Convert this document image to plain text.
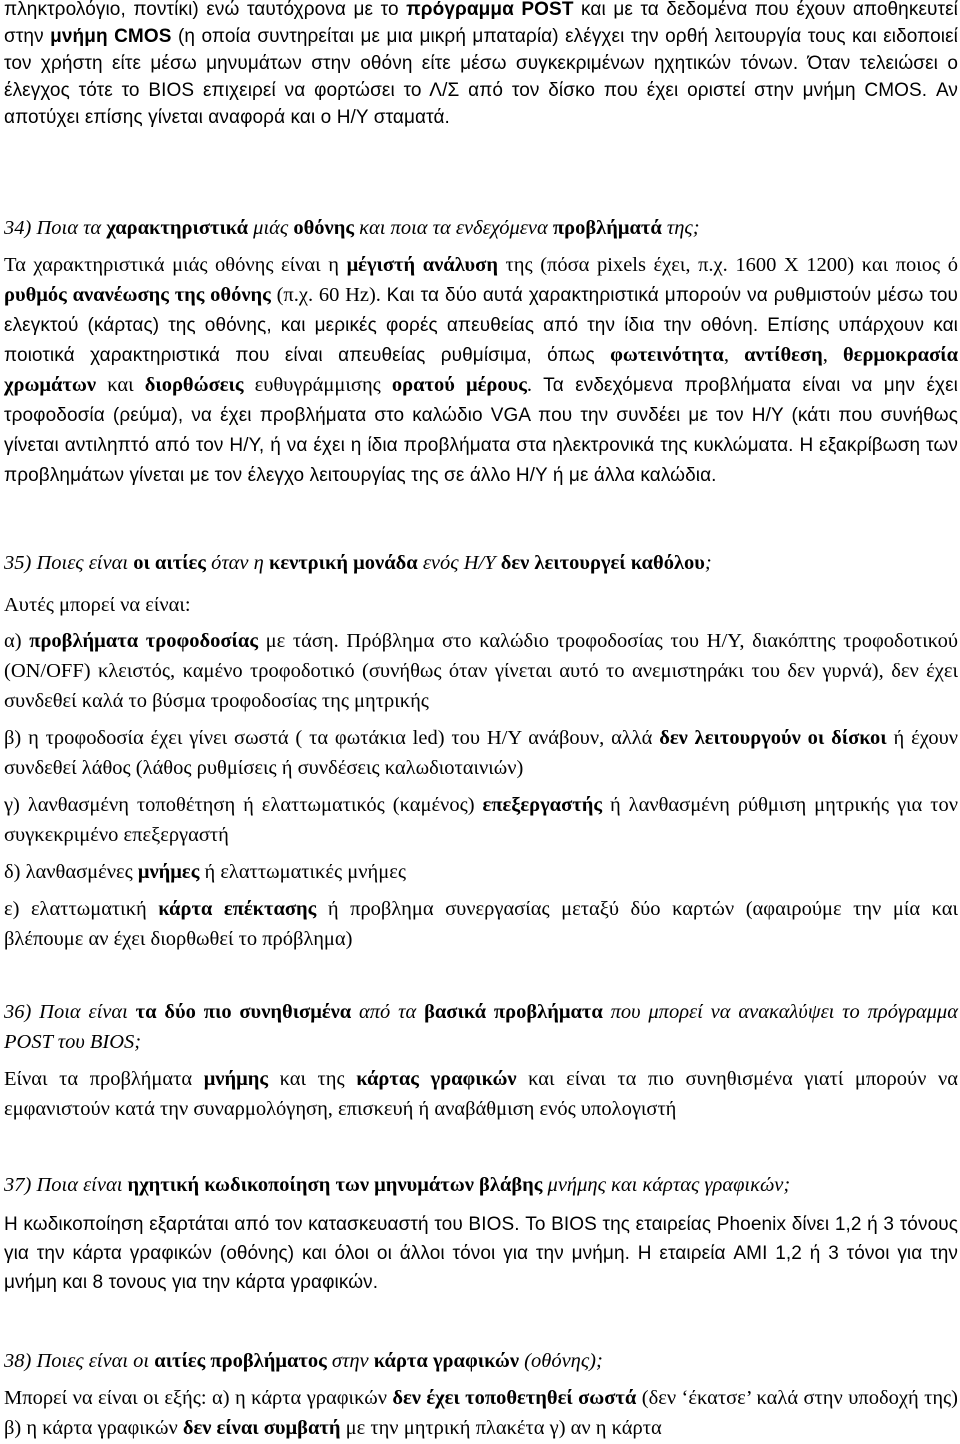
πληκτρολόγιο, ποντίκι) ενώ ταυτόχρονα με το πρόγραμμα POST και με τα δεδομένα που έχουν αποθηκευτεί στην μνήμη CMOS (η οποία συντηρείται με μια μικρή μπαταρία) ελέγχει την ορθή λειτουργία τους και ειδοποιεί τον χρήστη είτε μέσω μηνυμάτων στην οθόνη είτε μέσω συγκεκριμένων ηχητικών τόνων. Όταν τελειώσει ο έλεγχος τότε το BIOS επιχειρεί να φορτώσει το Λ/Σ από τον δίσκο που έχει οριστεί στην μνήμη CMOS. Αν αποτύχει επίσης γίνεται αναφορά και ο Η/Υ σταματά.

34) Ποια τα χαρακτηριστικά μιάς οθόνης και ποια τα ενδεχόμενα προβλήματά της;

Τα χαρακτηριστικά μιάς οθόνης είναι η μέγιστή ανάλυση της (πόσα pixels έχει, π.χ. 1600 X 1200) και ποιος ό ρυθμός ανανέωσης της οθόνης (π.χ. 60 Hz). Και τα δύο αυτά χαρακτηριστικά μπορούν να ρυθμιστούν μέσω του ελεγκτού (κάρτας) της οθόνης, και μερικές φορές απευθείας από την ίδια την οθόνη. Επίσης υπάρχουν και ποιοτικά χαρακτηριστικά που είναι απευθείας ρυθμίσιμα, όπως φωτεινότητα, αντίθεση, θερμοκρασία χρωμάτων και διορθώσεις ευθυγράμμισης ορατού μέρους. Τα ενδεχόμενα προβλήματα είναι να μην έχει τροφοδοσία (ρεύμα), να έχει προβλήματα στο καλώδιο VGA που την συνδέει με τον Η/Υ (κάτι που συνήθως γίνεται αντιληπτό από τον Η/Υ, ή να έχει η ίδια προβλήματα στα ηλεκτρονικά της κυκλώματα. Η εξακρίβωση των προβλημάτων γίνεται με τον έλεγχο λειτουργίας της σε άλλο Η/Υ ή με άλλα καλώδια.

35) Ποιες είναι οι αιτίες όταν η κεντρική μονάδα ενός Η/Υ δεν λειτουργεί καθόλου;

Αυτές μπορεί να είναι:

α) προβλήματα τροφοδοσίας με τάση. Πρόβλημα στο καλώδιο τροφοδοσίας του Η/Υ, διακόπτης τροφοδοτικού (ON/OFF) κλειστός, καμένο τροφοδοτικό (συνήθως όταν γίνεται αυτό το ανεμιστηράκι του δεν γυρνά), δεν έχει συνδεθεί καλά το βύσμα τροφοδοσίας της μητρικής

β) η τροφοδοσία έχει γίνει σωστά ( τα φωτάκια led) του Η/Υ ανάβουν, αλλά δεν λειτουργούν οι δίσκοι ή έχουν συνδεθεί λάθος (λάθος ρυθμίσεις ή συνδέσεις καλωδιοταινιών)

γ) λανθασμένη τοποθέτηση ή ελαττωματικός (καμένος) επεξεργαστής ή λανθασμένη ρύθμιση μητρικής για τον συγκεκριμένο επεξεργαστή

δ) λανθασμένες μνήμες ή ελαττωματικές μνήμες

ε) ελαττωματική κάρτα επέκτασης ή προβλημα συνεργασίας μεταξύ δύο καρτών (αφαιρούμε την μία και βλέπουμε αν έχει διορθωθεί το πρόβλημα)

36) Ποια είναι τα δύο πιο συνηθισμένα από τα βασικά προβλήματα που μπορεί να ανακαλύψει το πρόγραμμα POST του BIOS;

Είναι τα προβλήματα μνήμης και της κάρτας γραφικών και είναι τα πιο συνηθισμένα γιατί μπορούν να εμφανιστούν κατά την συναρμολόγηση, επισκευή ή αναβάθμιση ενός υπολογιστή

37) Ποια είναι ηχητική κωδικοποίηση των μηνυμάτων βλάβης μνήμης και κάρτας γραφικών;

Η κωδικοποίηση εξαρτάται από τον κατασκευαστή του BIOS. Το BIOS της εταιρείας Phoenix δίνει 1,2 ή 3 τόνους για την κάρτα γραφικών (οθόνης) και όλοι οι άλλοι τόνοι για την μνήμη. Η εταιρεία AMI 1,2 ή 3 τόνοι για την μνήμη και 8 τονους για την κάρτα γραφικών.

38) Ποιες είναι οι αιτίες προβλήματος στην κάρτα γραφικών (οθόνης);

Μπορεί να είναι οι εξής: α) η κάρτα γραφικών δεν έχει τοποθετηθεί σωστά (δεν ‘έκατσε’ καλά στην υποδοχή της) β) η κάρτα γραφικών δεν είναι συμβατή με την μητρική πλακέτα γ) αν η κάρτα
